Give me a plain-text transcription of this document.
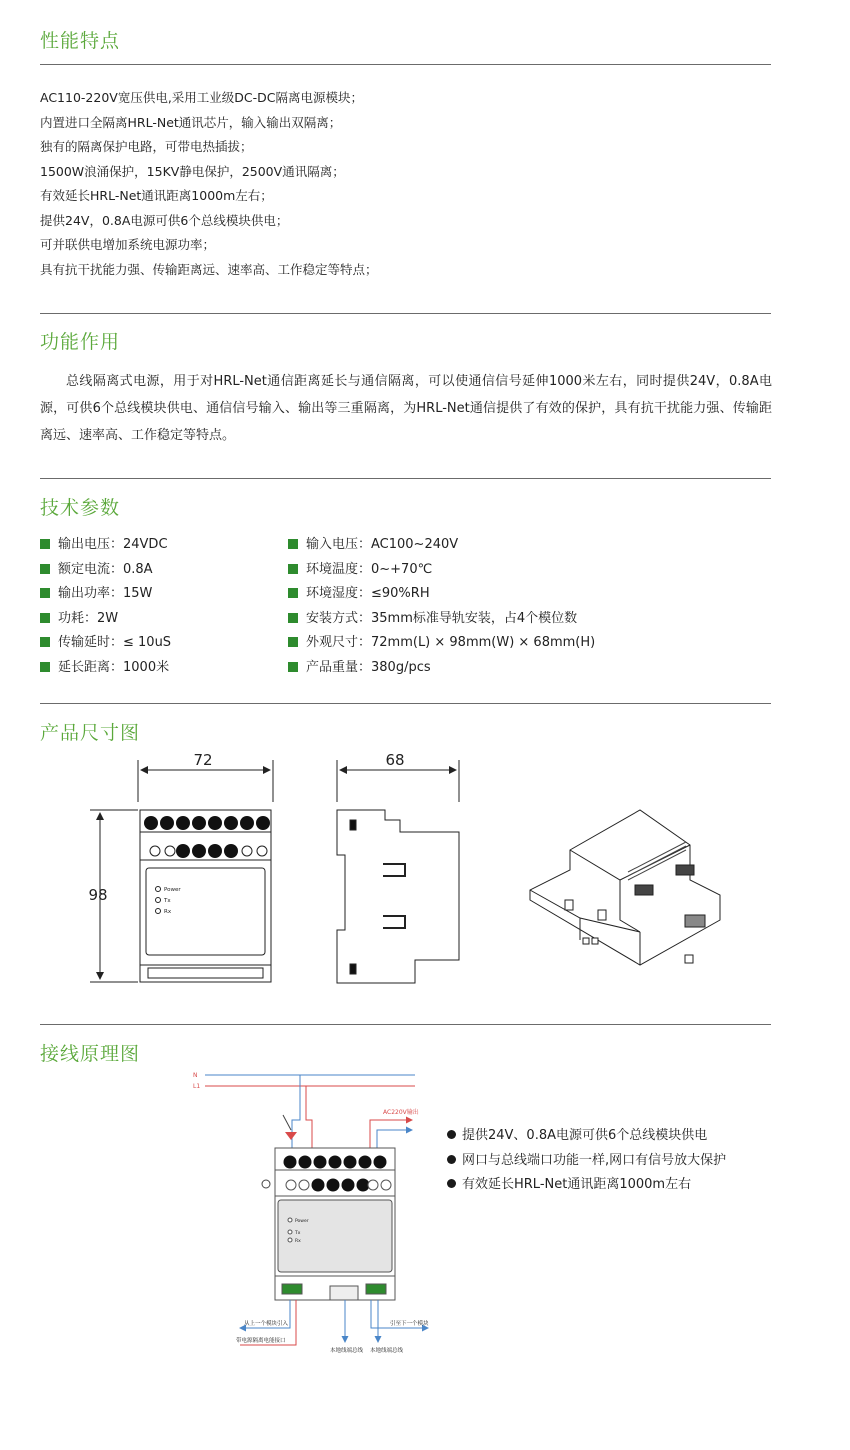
性能特点
AC110-220V宽压供电,采用工业级DC-DC隔离电源模块；
内置进口全隔离HRL-Net通讯芯片，输入输出双隔离；
独有的隔离保护电路，可带电热插拔；
1500W浪涌保护，15KV静电保护，2500V通讯隔离；
有效延长HRL-Net通讯距离1000m左右；
提供24V，0.8A电源可供6个总线模块供电；
可并联供电增加系统电源功率；
具有抗干扰能力强、传输距离远、速率高、工作稳定等特点；
功能作用
总线隔离式电源，用于对HRL-Net通信距离延长与通信隔离，可以使通信信号延伸1000米左右，同时提供24V，0.8A电源，可供6个总线模块供电、通信信号输入、输出等三重隔离，为HRL-Net通信提供了有效的保护，具有抗干扰能力强、传输距离远、速率高、工作稳定等特点。
技术参数
输出电压：24VDC
额定电流：0.8A
输出功率：15W
功耗：2W
传输延时：≤ 10uS
延长距离：1000米
输入电压：AC100~240V
环境温度：0~+70℃
环境湿度：≤90%RH
安装方式：35mm标准导轨安装，占4个模位数
外观尺寸：72mm(L) × 98mm(W) × 68mm(H)
产品重量：380g/pcs
产品尺寸图
72
98	Power
Tx
Rx
68
接线原理图
N
L1
AC220V输出
Power
Tx
Rx
从上一个模块引入
带电源隔离电能接口
本地线端总线
引至下一个模块
本地线端总线
提供24V、0.8A电源可供6个总线模块供电
网口与总线端口功能一样,网口有信号放大保护
有效延长HRL-Net通讯距离1000m左右
